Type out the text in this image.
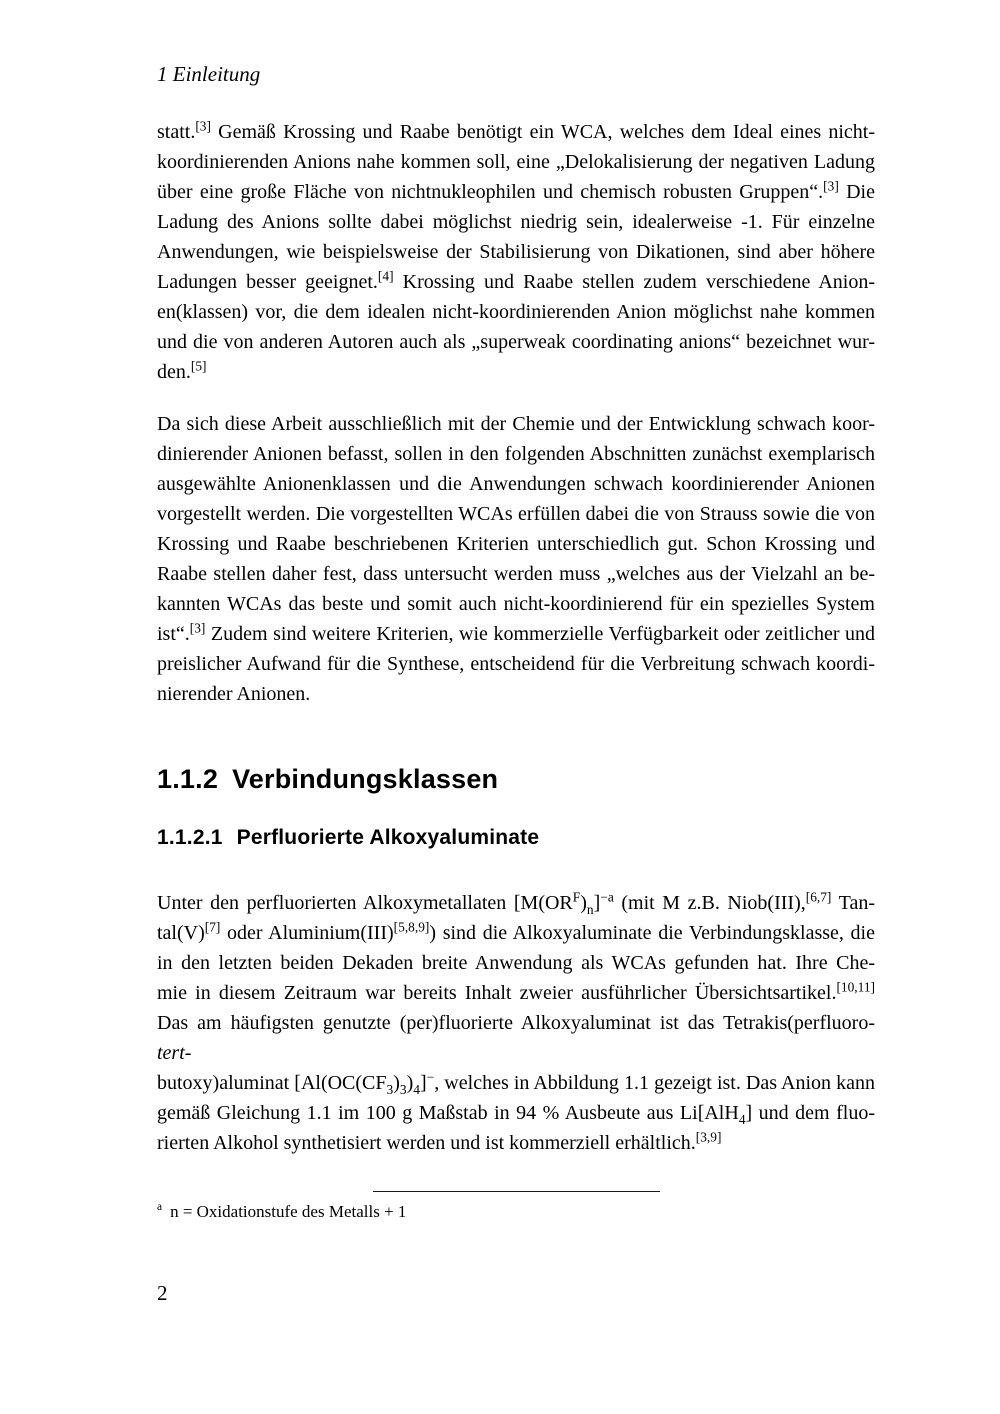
1 Einleitung
statt.[3] Gemäß Krossing und Raabe benötigt ein WCA, welches dem Ideal eines nicht-
koordinierenden Anions nahe kommen soll, eine „Delokalisierung der negativen Ladung
über eine große Fläche von nichtnukleophilen und chemisch robusten Gruppen“.[3] Die
Ladung des Anions sollte dabei möglichst niedrig sein, idealerweise -1. Für einzelne
Anwendungen, wie beispielsweise der Stabilisierung von Dikationen, sind aber höhere
Ladungen besser geeignet.[4] Krossing und Raabe stellen zudem verschiedene Anion-
en(klassen) vor, die dem idealen nicht-koordinierenden Anion möglichst nahe kommen
und die von anderen Autoren auch als „superweak coordinating anions“ bezeichnet wur-
den.[5]
Da sich diese Arbeit ausschließlich mit der Chemie und der Entwicklung schwach koor-
dinierender Anionen befasst, sollen in den folgenden Abschnitten zunächst exemplarisch
ausgewählte Anionenklassen und die Anwendungen schwach koordinierender Anionen
vorgestellt werden. Die vorgestellten WCAs erfüllen dabei die von Strauss sowie die von
Krossing und Raabe beschriebenen Kriterien unterschiedlich gut. Schon Krossing und
Raabe stellen daher fest, dass untersucht werden muss „welches aus der Vielzahl an be-
kannten WCAs das beste und somit auch nicht-koordinierend für ein spezielles System
ist“.[3] Zudem sind weitere Kriterien, wie kommerzielle Verfügbarkeit oder zeitlicher und
preislicher Aufwand für die Synthese, entscheidend für die Verbreitung schwach koordi-
nierender Anionen.
1.1.2 Verbindungsklassen
1.1.2.1 Perfluorierte Alkoxyaluminate
Unter den perfluorierten Alkoxymetallaten $[M(OR^F)_n]^{-a}$ (mit M z.B. Niob(III),[6,7] Tan-
tal(V)[7] oder Aluminium(III)[5,8,9]) sind die Alkoxyaluminate die Verbindungsklasse, die
in den letzten beiden Dekaden breite Anwendung als WCAs gefunden hat. Ihre Che-
mie in diesem Zeitraum war bereits Inhalt zweier ausführlicher Übersichtsartikel.[10,11]
Das am häufigsten genutzte (per)fluorierte Alkoxyaluminat ist das Tetrakis(perfluoro-tert-
butoxy)aluminat $[Al(OC(CF_3)_3)_4]^-$, welches in Abbildung 1.1 gezeigt ist. Das Anion kann
gemäß Gleichung 1.1 im 100 g Maßstab in 94 % Ausbeute aus Li[AlH$_4$] und dem fluo-
rierten Alkohol synthetisiert werden und ist kommerziell erhältlich.[3,9]
$^a$ n = Oxidationstufe des Metalls + 1
2
